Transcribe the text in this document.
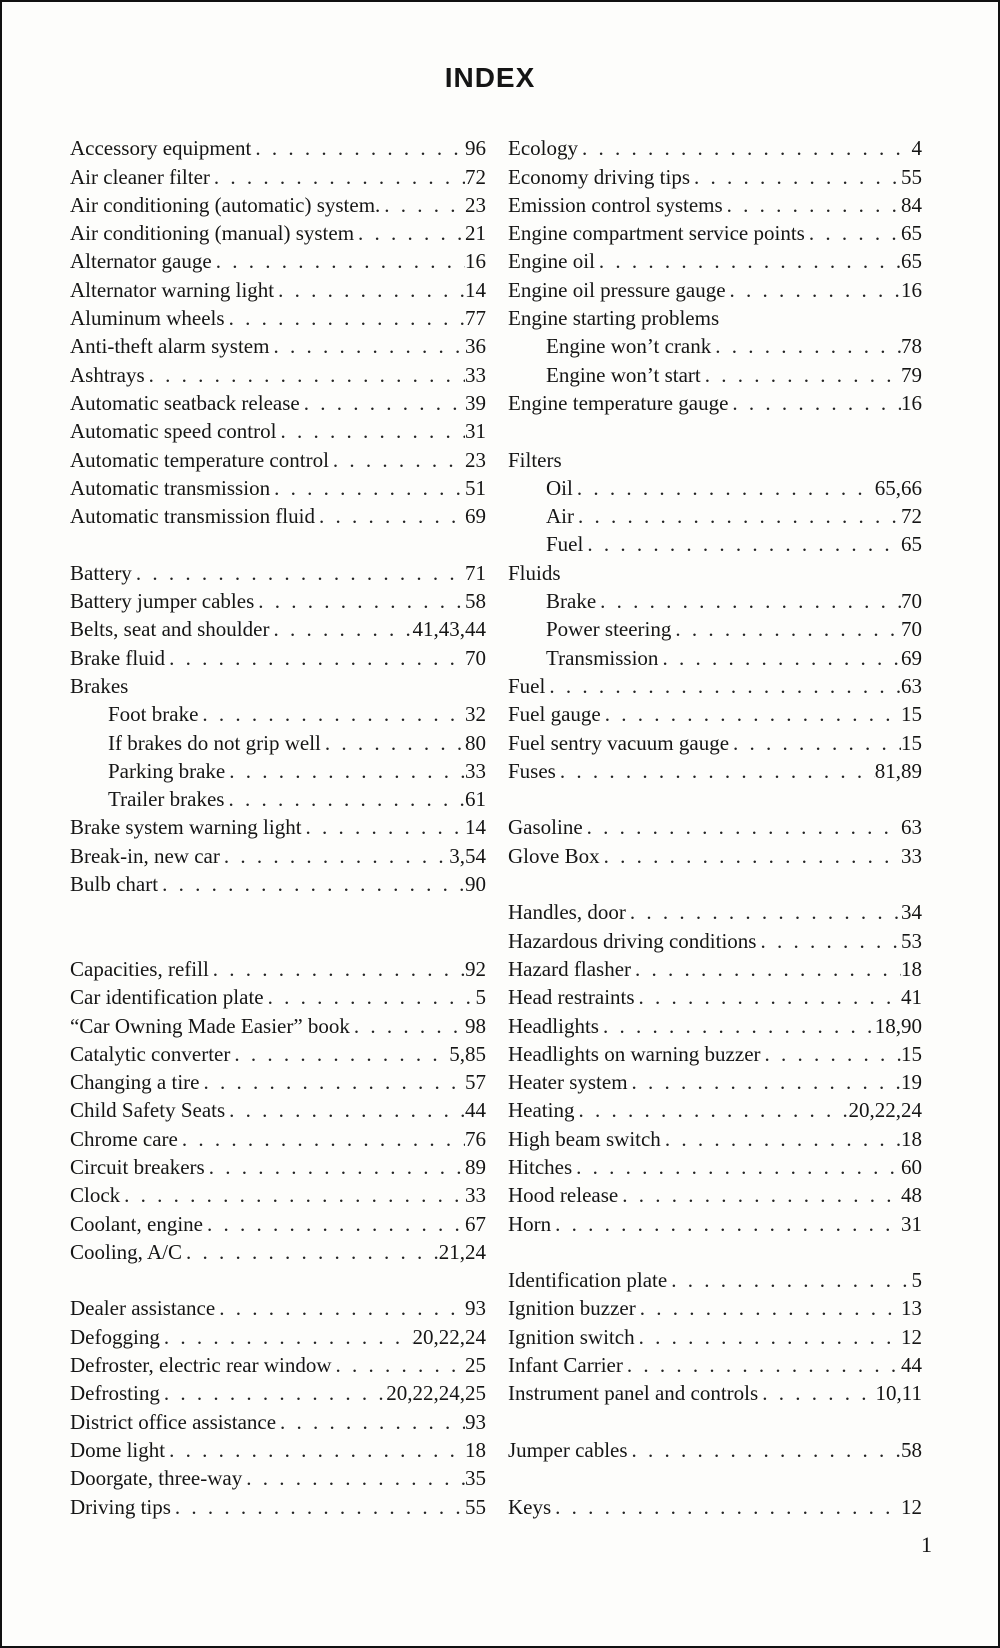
INDEX
Accessory equipment . . .	96
Air cleaner filter . . .	72
Air conditioning (automatic) system. . . .	23
Air conditioning (manual) system . . .	21
Alternator gauge . . .	16
Alternator warning light . . .	14
Aluminum wheels . . .	77
Anti-theft alarm system . . .	36
Ashtrays . . .	33
Automatic seatback release . . .	39
Automatic speed control . . .	31
Automatic temperature control . . .	23
Automatic transmission . . .	51
Automatic transmission fluid . . .	69
Battery . . .	71
Battery jumper cables . . .	58
Belts, seat and shoulder . . .	41,43,44
Brake fluid . . .	70
Brakes
Foot brake . . .	32
If brakes do not grip well . . .	80
Parking brake . . .	33
Trailer brakes . . .	61
Brake system warning light . . .	14
Break-in, new car . . .	3,54
Bulb chart . . .	90
Capacities, refill . . .	92
Car identification plate . . .	5
“Car Owning Made Easier” book . . .	98
Catalytic converter . . .	5,85
Changing a tire . . .	57
Child Safety Seats . . .	44
Chrome care . . .	76
Circuit breakers . . .	89
Clock . . .	33
Coolant, engine . . .	67
Cooling, A/C . . .	21,24
Dealer assistance . . .	93
Defogging . . .	20,22,24
Defroster, electric rear window . . .	25
Defrosting . . .	20,22,24,25
District office assistance . . .	93
Dome light . . .	18
Doorgate, three-way . . .	35
Driving tips . . .	55
Ecology . . .	4
Economy driving tips . . .	55
Emission control systems . . .	84
Engine compartment service points . . .	65
Engine oil . . .	65
Engine oil pressure gauge . . .	16
Engine starting problems
Engine won’t crank . . .	78
Engine won’t start . . .	79
Engine temperature gauge . . .	16
Filters
Oil . . .	65,66
Air . . .	72
Fuel . . .	65
Fluids
Brake . . .	70
Power steering . . .	70
Transmission . . .	69
Fuel . . .	63
Fuel gauge . . .	15
Fuel sentry vacuum gauge . . .	15
Fuses . . .	81,89
Gasoline . . .	63
Glove Box . . .	33
Handles, door . . .	34
Hazardous driving conditions . . .	53
Hazard flasher . . .	18
Head restraints . . .	41
Headlights . . .	18,90
Headlights on warning buzzer . . .	15
Heater system . . .	19
Heating . . .	20,22,24
High beam switch . . .	18
Hitches . . .	60
Hood release . . .	48
Horn . . .	31
Identification plate . . .	5
Ignition buzzer . . .	13
Ignition switch . . .	12
Infant Carrier . . .	44
Instrument panel and controls . . .	10,11
Jumper cables . . .	58
Keys . . .	12
1
